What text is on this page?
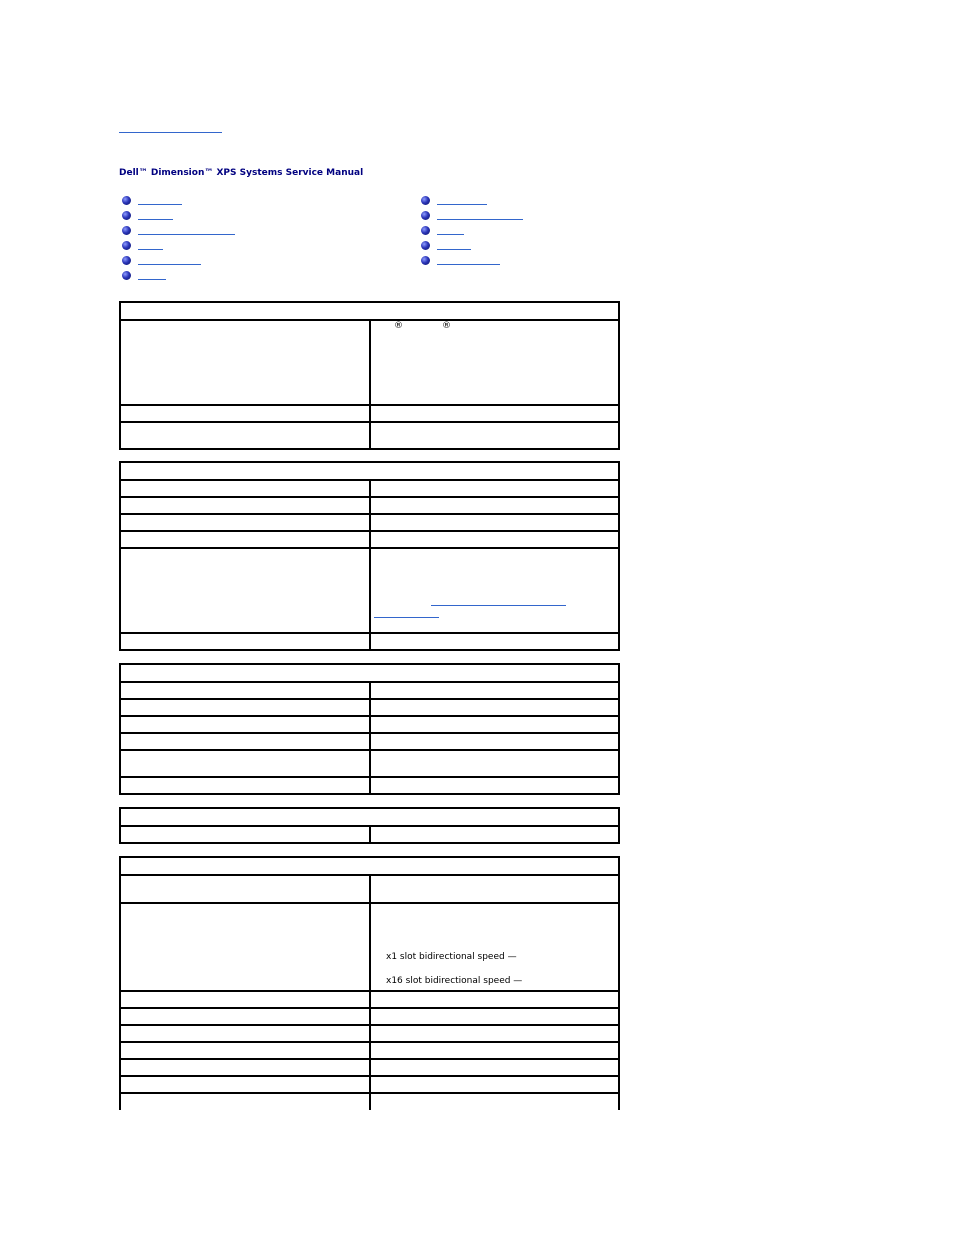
Dell™ Dimension™ XPS Systems Service Manual

®	®

x1 slot bidirectional speed —
x16 slot bidirectional speed —
